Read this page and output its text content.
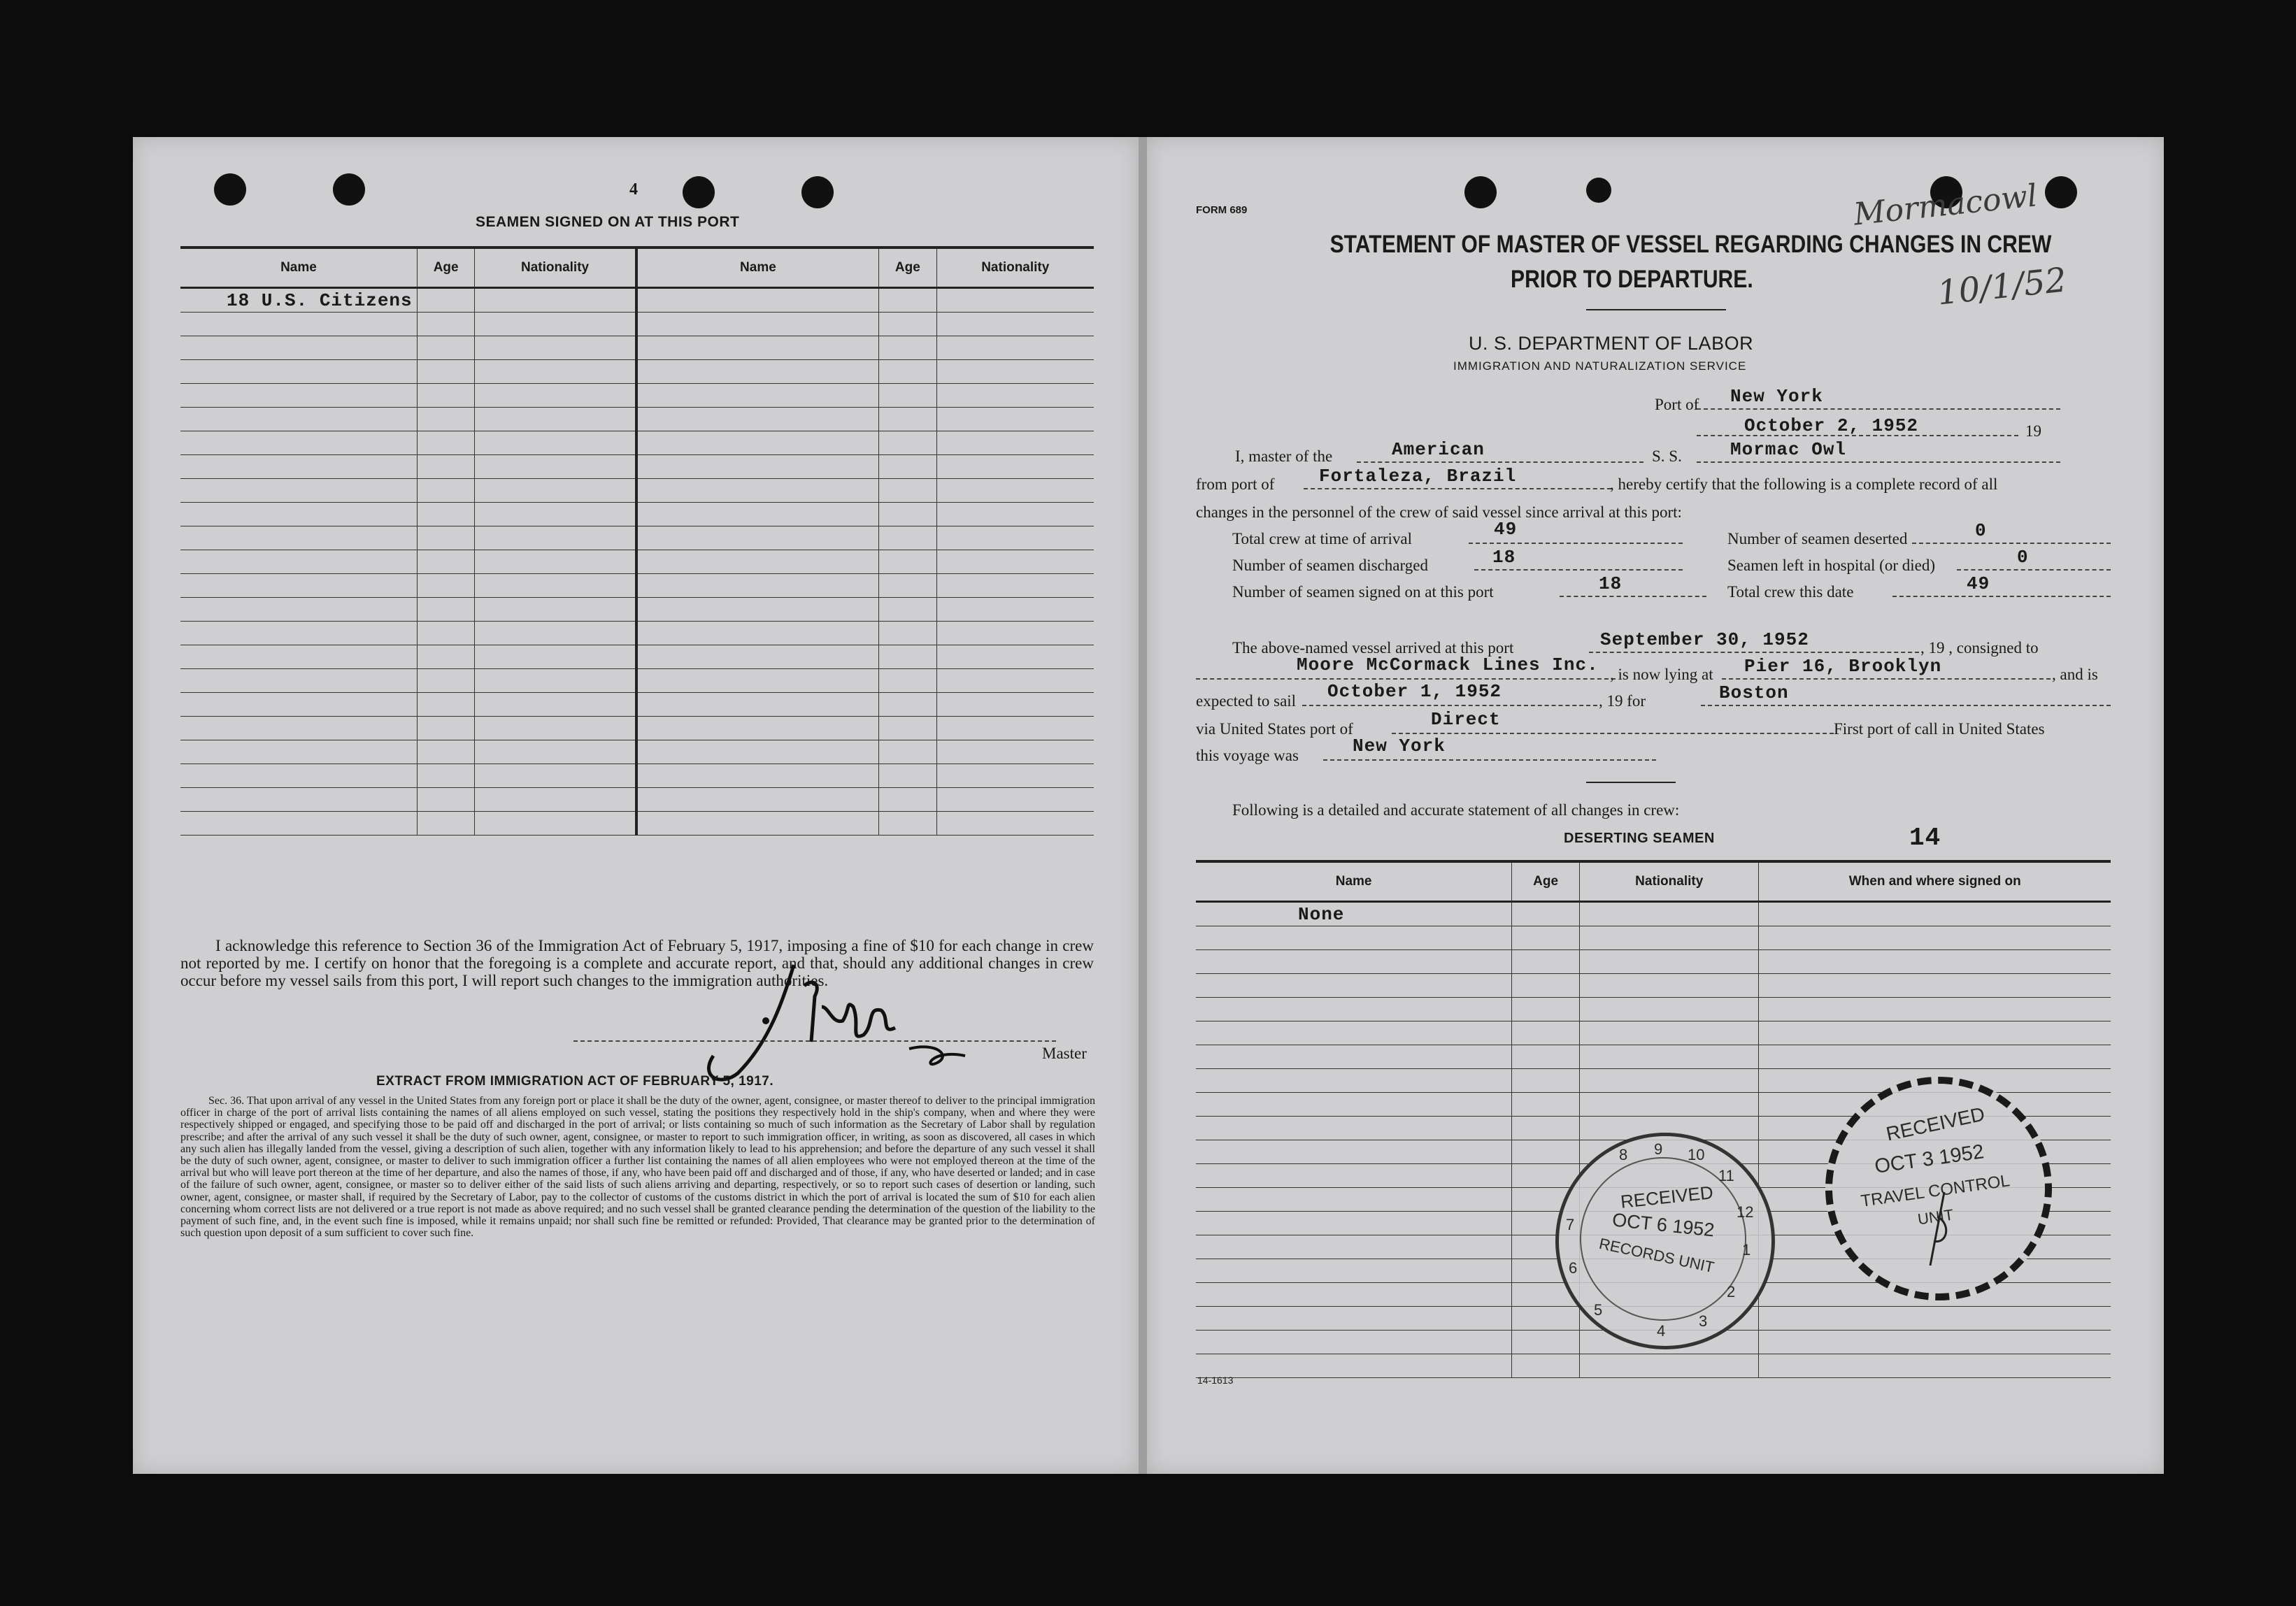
4
SEAMEN SIGNED ON AT THIS PORT
Name	Age	Nationality	Name	Age	Nationality
18 U.S. Citizens					

I acknowledge this reference to Section 36 of the Immigration Act of February 5, 1917, imposing a fine of $10 for each change in crew not reported by me. I certify on honor that the foregoing is a complete and accurate report, and that, should any additional changes in crew occur before my vessel sails from this port, I will report such changes to the immigration authorities.
Master
EXTRACT FROM IMMIGRATION ACT OF FEBRUARY 5, 1917.
Sec. 36. That upon arrival of any vessel in the United States from any foreign port or place it shall be the duty of the owner, agent, consignee, or master thereof to deliver to the principal immigration officer in charge of the port of arrival lists containing the names of all aliens employed on such vessel, stating the positions they respectively hold in the ship's company, when and where they were respectively shipped or engaged, and specifying those to be paid off and discharged in the port of arrival; or lists containing so much of such information as the Secretary of Labor shall by regulation prescribe; and after the arrival of any such vessel it shall be the duty of such owner, agent, consignee, or master to report to such immigration officer, in writing, as soon as discovered, all cases in which any such alien has illegally landed from the vessel, giving a description of such alien, together with any information likely to lead to his apprehension; and before the departure of any such vessel it shall be the duty of such owner, agent, consignee, or master to deliver to such immigration officer a further list containing the names of all alien employees who were not employed thereon at the time of the arrival but who will leave port thereon at the time of her departure, and also the names of those, if any, who have been paid off and discharged and of those, if any, who have deserted or landed; and in case of the failure of such owner, agent, consignee, or master so to deliver either of the said lists of such aliens arriving and departing, respectively, or so to report such cases of desertion or landing, such owner, agent, consignee, or master shall, if required by the Secretary of Labor, pay to the collector of customs of the customs district in which the port of arrival is located the sum of $10 for each alien concerning whom correct lists are not delivered or a true report is not made as above required; and no such vessel shall be granted clearance pending the determination of the question of the liability to the payment of such fine, and, in the event such fine is imposed, while it remains unpaid; nor shall such fine be remitted or refunded: Provided, That clearance may be granted prior to the determination of such question upon deposit of a sum sufficient to cover such fine.
FORM 689
STATEMENT OF MASTER OF VESSEL REGARDING CHANGES IN CREW
PRIOR TO DEPARTURE.
Mormacowl
10/1/52
U. S. DEPARTMENT OF LABOR
IMMIGRATION AND NATURALIZATION SERVICE
Port of New York
October 2, 1952	19
I, master of the	American	S. S.	Mormac Owl
from port of Fortaleza, Brazil	, hereby certify that the following is a complete record of all
changes in the personnel of the crew of said vessel since arrival at this port:
Total crew at time of arrival	49
Number of seamen discharged	18
Number of seamen signed on at this port	18
Number of seamen deserted	0
Seamen left in hospital (or died)	0
Total crew this date	49
The above-named vessel arrived at this port	September 30, 1952	, 19 , consigned to
Moore McCormack Lines Inc. , is now lying at Pier 16, Brooklyn	, and is
expected to sail October 1, 1952	, 19 for	Boston
via United States port of	Direct	First port of call in United States
this voyage was	New York
Following is a detailed and accurate statement of all changes in crew:
DESERTING SEAMEN	14
Name	Age	Nationality	When and where signed on
None			

9 10
11
12
1
2
3
4
5
6
7
8
RECEIVED
OCT 6 1952
RECORDS UNIT
RECEIVED
OCT 3 1952
TRAVEL CONTROL
UNIT
14-1613
